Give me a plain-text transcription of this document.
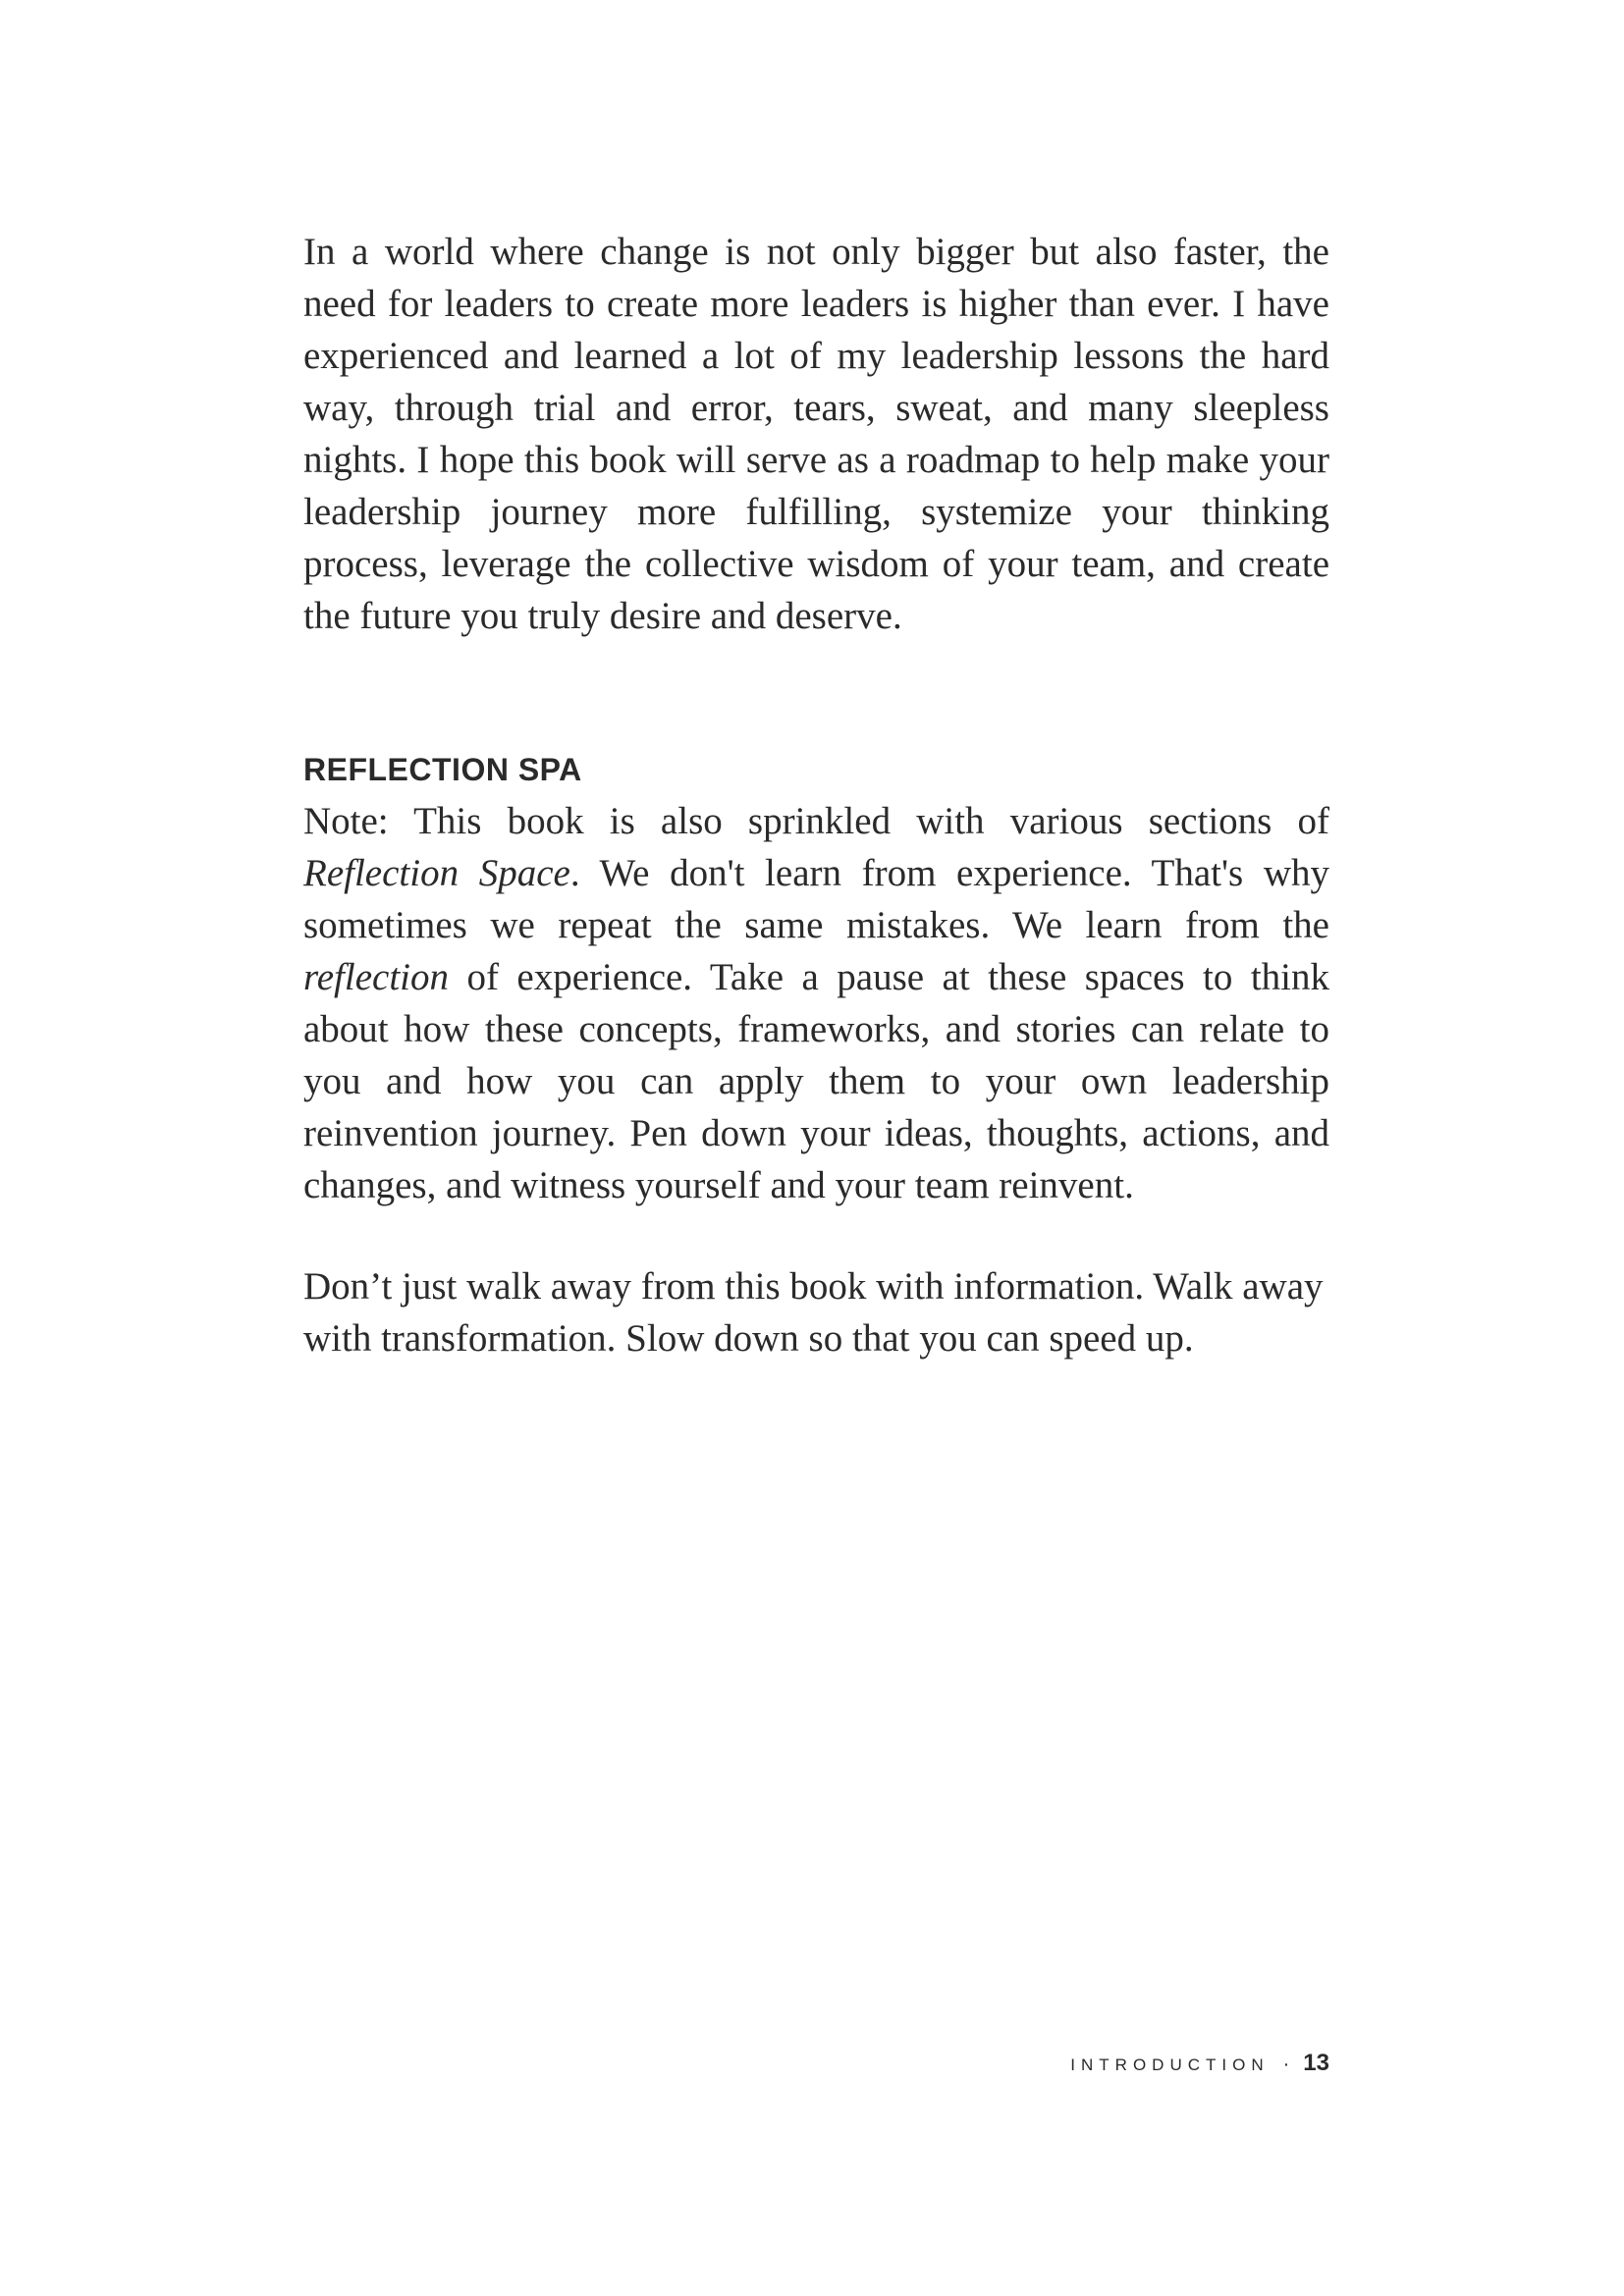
In a world where change is not only bigger but also faster, the need for leaders to create more leaders is higher than ever. I have experienced and learned a lot of my leadership lessons the hard way, through trial and error, tears, sweat, and many sleepless nights. I hope this book will serve as a roadmap to help make your leadership journey more fulfilling, systemize your thinking process, leverage the collective wisdom of your team, and create the future you truly desire and deserve.

REFLECTION SPA

Note: This book is also sprinkled with various sections of Reflection Space. We don't learn from experience. That's why sometimes we repeat the same mistakes. We learn from the reflection of experience. Take a pause at these spaces to think about how these concepts, frameworks, and stories can relate to you and how you can apply them to your own leadership reinvention journey. Pen down your ideas, thoughts, actions, and changes, and witness yourself and your team reinvent.

Don’t just walk away from this book with information. Walk away with transformation. Slow down so that you can speed up.

INTRODUCTION · 13
